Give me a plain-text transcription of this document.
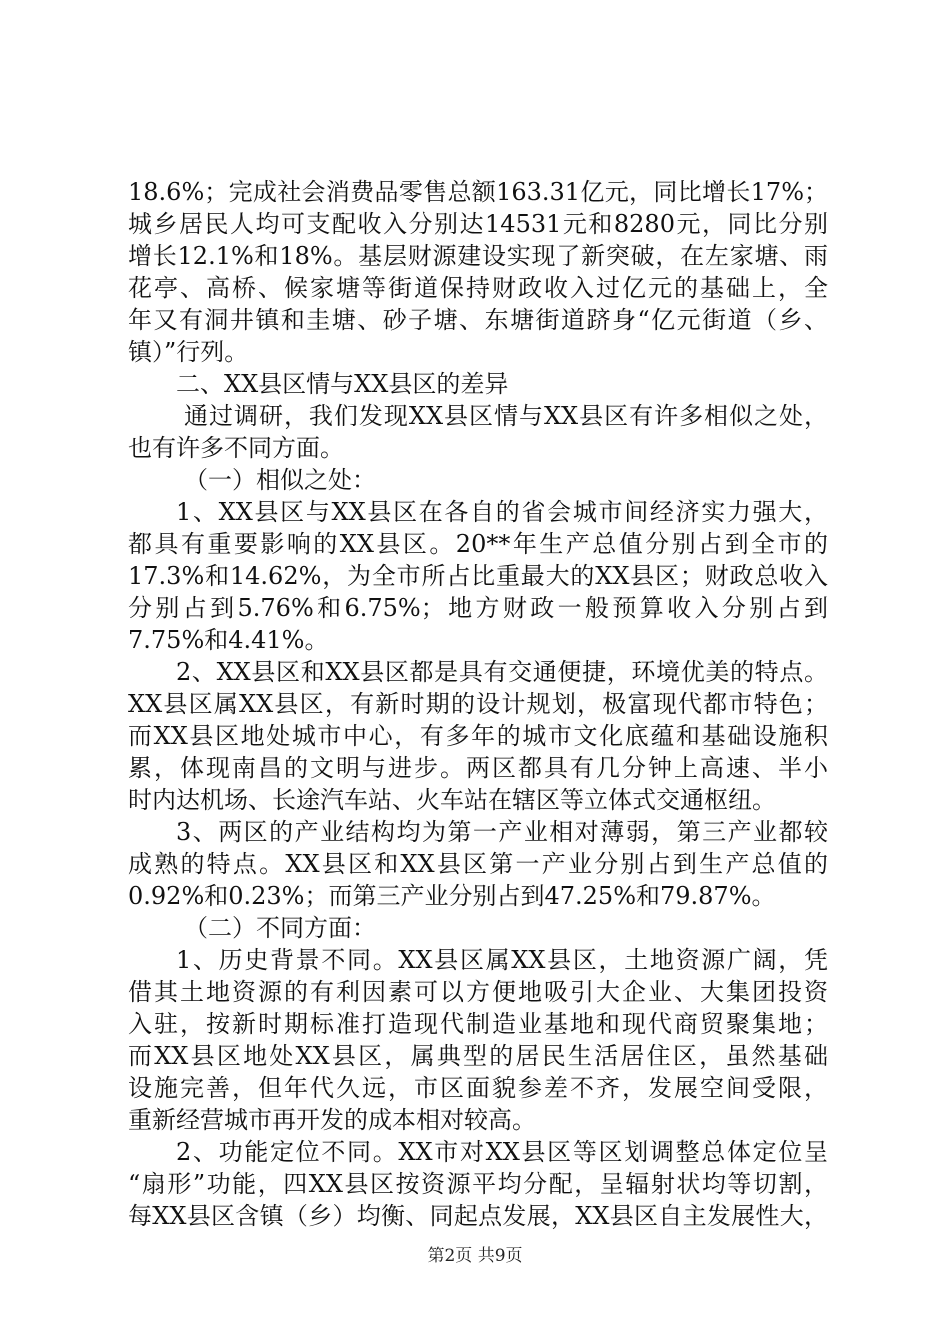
18.6%；完成社会消费品零售总额163.31亿元，同比增长17%；
城乡居民人均可支配收入分别达14531元和8280元，同比分别
增长12.1%和18%。基层财源建设实现了新突破，在左家塘、雨
花亭、高桥、候家塘等街道保持财政收入过亿元的基础上，全
年又有洞井镇和圭塘、砂子塘、东塘街道跻身“亿元街道（乡、
镇）”行列。
二、XX县区情与XX县区的差异
通过调研，我们发现XX县区情与XX县区有许多相似之处，
也有许多不同方面。
（一）相似之处：
1、XX县区与XX县区在各自的省会城市间经济实力强大，
都具有重要影响的XX县区。20**年生产总值分别占到全市的
17.3%和14.62%，为全市所占比重最大的XX县区；财政总收入
分别占到5.76%和6.75%；地方财政一般预算收入分别占到
7.75%和4.41%。
2、XX县区和XX县区都是具有交通便捷，环境优美的特点。
XX县区属XX县区，有新时期的设计规划，极富现代都市特色；
而XX县区地处城市中心，有多年的城市文化底蕴和基础设施积
累，体现南昌的文明与进步。两区都具有几分钟上高速、半小
时内达机场、长途汽车站、火车站在辖区等立体式交通枢纽。
3、两区的产业结构均为第一产业相对薄弱，第三产业都较
成熟的特点。XX县区和XX县区第一产业分别占到生产总值的
0.92%和0.23%；而第三产业分别占到47.25%和79.87%。
（二）不同方面：
1、历史背景不同。XX县区属XX县区，土地资源广阔，凭
借其土地资源的有利因素可以方便地吸引大企业、大集团投资
入驻，按新时期标准打造现代制造业基地和现代商贸聚集地；
而XX县区地处XX县区，属典型的居民生活居住区，虽然基础
设施完善，但年代久远，市区面貌参差不齐，发展空间受限，
重新经营城市再开发的成本相对较高。
2、功能定位不同。XX市对XX县区等区划调整总体定位呈
“扇形”功能，四XX县区按资源平均分配，呈辐射状均等切割，
每XX县区含镇（乡）均衡、同起点发展，XX县区自主发展性大，
第2页 共9页
